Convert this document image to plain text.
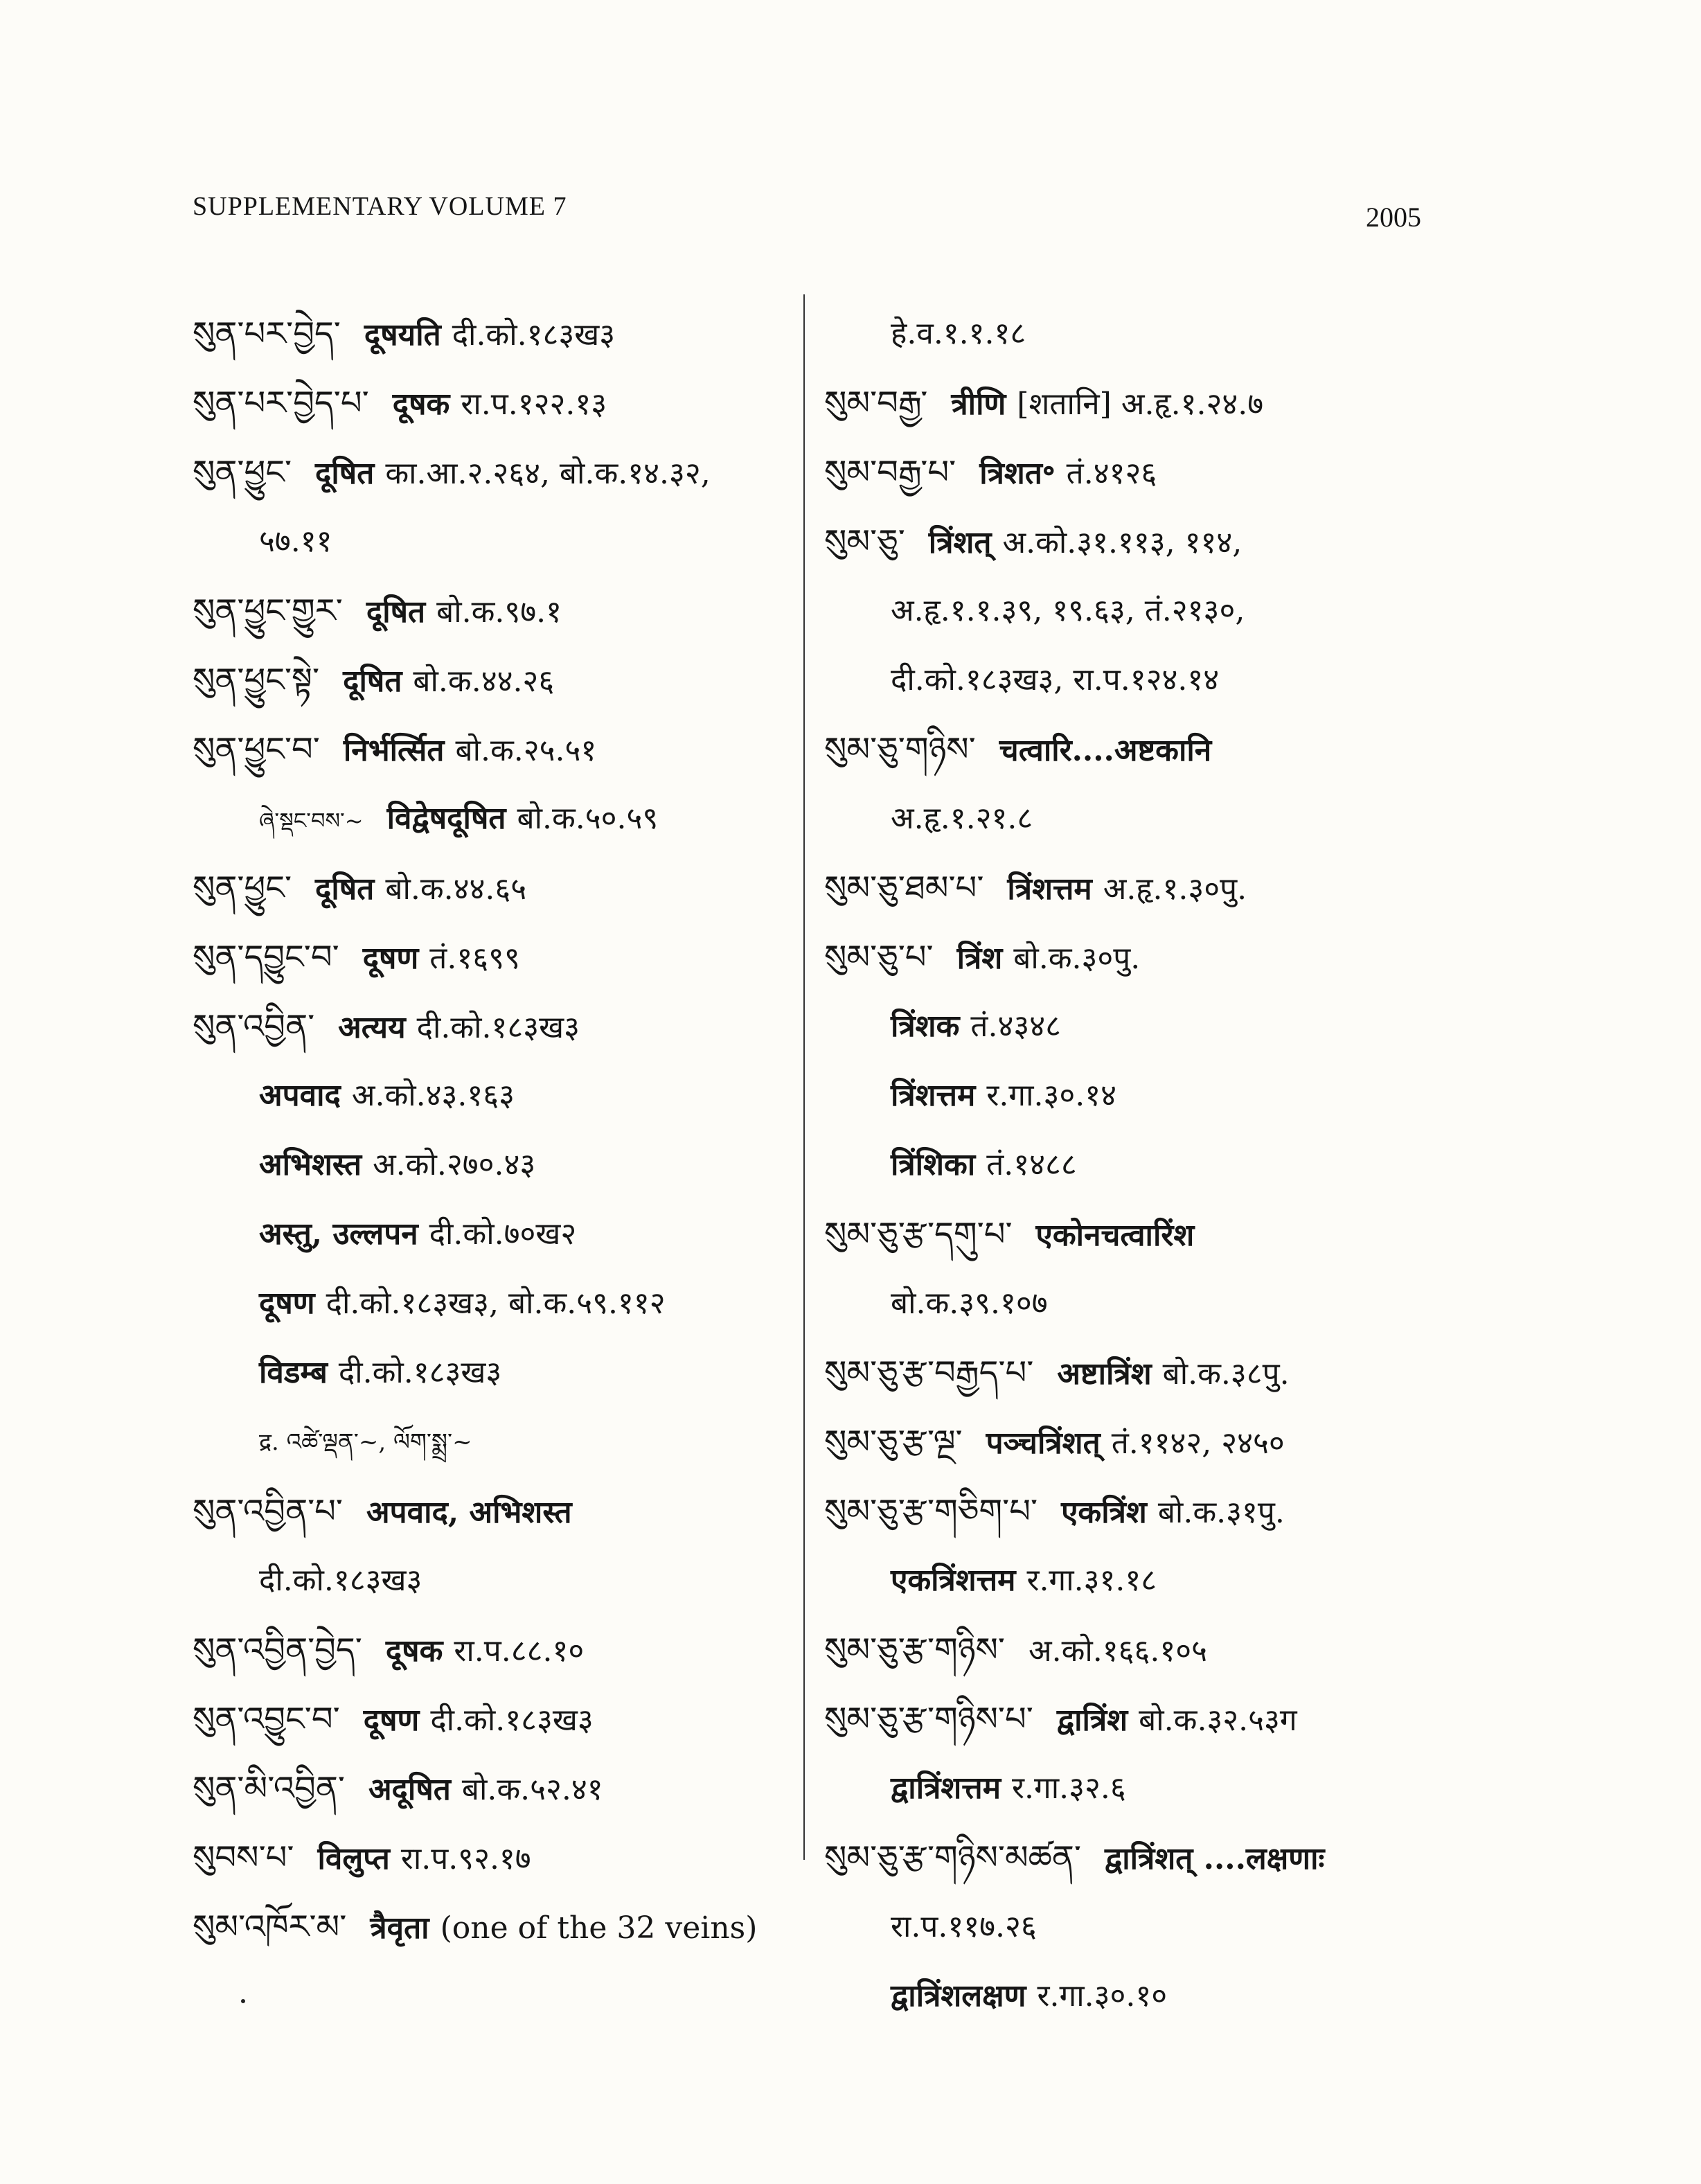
SUPPLEMENTARY VOLUME 7	2005
སུན་པར་བྱེད་ दूषयति दी.को.१८३ख३
སུན་པར་བྱེད་པ་ दूषक रा.प.१२२.१३
སུན་ཕྱུང་ दूषित का.आ.२.२६४, बो.क.१४.३२,
५७.११
སུན་ཕྱུང་གྱུར་ दूषित बो.क.९७.१
སུན་ཕྱུང་སྟེ་ दूषित बो.क.४४.२६
སུན་ཕྱུང་བ་ निर्भर्त्सित बो.क.२५.५१
ཞེ་སྡང་བས་~ विद्वेषदूषित बो.क.५०.५९
སུན་ཕྱུང་ दूषित बो.क.४४.६५
སུན་དབྱུང་བ་ दूषण तं.१६९९
སུན་འབྱིན་ अत्यय दी.को.१८३ख३
अपवाद अ.को.४३.१६३
अभिशस्त अ.को.२७०.४३
अस्तु, उल्लपन दी.को.७०ख२
दूषण दी.को.१८३ख३, बो.क.५९.११२
विडम्ब दी.को.१८३ख३
द्र. འཚེ་ལྡན་~, ལོག་སྨྲ་~
སུན་འབྱིན་པ་ अपवाद, अभिशस्त
दी.को.१८३ख३
སུན་འབྱིན་བྱེད་ दूषक रा.प.८८.१०
སུན་འབྱུང་བ་ दूषण दी.को.१८३ख३
སུན་མི་འབྱིན་ अदूषित बो.क.५२.४१
སུབས་པ་ विलुप्त रा.प.९२.१७
སུམ་འཁོར་མ་ त्रैवृता (one of the 32 veins)
हे.व.१.१.१८
སུམ་བརྒྱ་ त्रीणि [शतानि] अ.हृ.१.२४.७
སུམ་བརྒྱ་པ་ त्रिशत॰ तं.४१२६
སུམ་ཅུ་ त्रिंशत् अ.को.३१.११३, ११४,
अ.हृ.१.१.३९, १९.६३, तं.२१३०,
दी.को.१८३ख३, रा.प.१२४.१४
སུམ་ཅུ་གཉིས་ चत्वारि....अष्टकानि
अ.हृ.१.२१.८
སུམ་ཅུ་ཐམ་པ་ त्रिंशत्तम अ.हृ.१.३०पु.
སུམ་ཅུ་པ་ त्रिंश बो.क.३०पु.
त्रिंशक तं.४३४८
त्रिंशत्तम र.गा.३०.१४
त्रिंशिका तं.१४८८
སུམ་ཅུ་རྩ་དགུ་པ་ एकोनचत्वारिंश
बो.क.३९.१०७
སུམ་ཅུ་རྩ་བརྒྱད་པ་ अष्टात्रिंश बो.क.३८पु.
སུམ་ཅུ་རྩ་ལྔ་ पञ्चत्रिंशत् तं.११४२, २४५०
སུམ་ཅུ་རྩ་གཅིག་པ་ एकत्रिंश बो.क.३१पु.
एकत्रिंशत्तम र.गा.३१.१८
སུམ་ཅུ་རྩ་གཉིས་ अ.को.१६६.१०५
སུམ་ཅུ་རྩ་གཉིས་པ་ द्वात्रिंश बो.क.३२.५३ग
द्वात्रिंशत्तम र.गा.३२.६
སུམ་ཅུ་རྩ་གཉིས་མཚན་ द्वात्रिंशत् ....लक्षणाः
रा.प.११७.२६
द्वात्रिंशलक्षण र.गा.३०.१०
